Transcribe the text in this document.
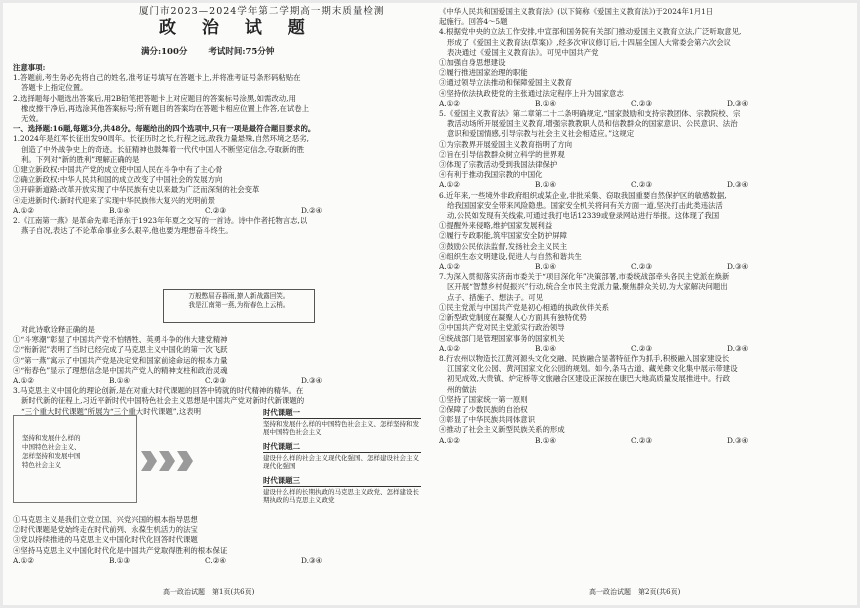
厦门市2023—2024学年第二学期高一期末质量检测
政 治 试 题
满分:100分 考试时间:75分钟
注意事项:
1.答题前,考生务必先将自己的姓名,准考证号填写在答题卡上,并将准考证号条形码粘贴在
答题卡上指定位置。
2.选择题每小题选出答案后,用2B铅笔把答题卡上对应题目的答案标号涂黑,如需改动,用
橡皮擦干净后,再选涂其他答案标号;所有题目的答案均在答题卡相应位置上作答,在试卷上
无效。
一、选择题:16题,每题3分,共48分。每题给出的四个选项中,只有一项是最符合题目要求的。
1.2024年是红军长征出发90周年。长征历时之长,行程之远,敌我力量悬殊,自然环境之恶劣,
创造了中外战争史上的奇迹。长征精神也鼓舞着一代代中国人不断坚定信念,夺取新的胜
利。下列对“新的胜利”理解正确的是
①建立新政权:中国共产党的成立使中国人民在斗争中有了主心骨
②确立新政权:中华人民共和国的成立改变了中国社会的发展方向
③开辟新道路:改革开放实现了中华民族有史以来最为广泛而深刻的社会变革
④走进新时代:新时代迎来了实现中华民族伟大复兴的光明前景
A.①②	B.①④	C.②③	D.②④
2.《江南第一燕》是革命先辈毛泽东于1923年年夏之交写的一首诗。诗中作者托物言志,以
燕子自况,表达了不论革命事业多么艰辛,他也要为理想奋斗终生。
万般憋屈吞暮雨,撩人新战露回笑。
我是江南第一燕,为衔春色上云梢。
对此诗歌诠释正确的是
①“斗寒潮”彰显了中国共产党不怕牺牲、英勇斗争的伟大建党精神
②“衔新泥”表明了当时已经完成了马克思主义中国化的第一次飞跃
③“第一燕”寓示了中国共产党是决定党和国家前途命运的根本力量
④“衔春色”显示了理想信念是中国共产党人的精神支柱和政治灵魂
A.①②	B.①④	C.②③	D.③④
3.马克思主义中国化的理论创新,是在对重大时代课题的回答中铸就的时代精神的精华。在
新时代新的征程上,习近平新时代中国特色社会主义思想是中国共产党对新时代新课题的
“三个重大时代课题”所展为“三个重大时代课题”,这表明
坚持和发展什么样的中国特色社会主义、怎样坚持和发展中国特色社会主义
时代课题一
坚持和发展什么样的中国特色社会主义、怎样坚持和发展中国特色社会主义
时代课题二
建设什么样的社会主义现代化强国、怎样建设社会主义现代化强国
时代课题三
建设什么样的长期执政的马克思主义政党、怎样建设长期执政的马克思主义政党
①马克思主义是我们立党立国、兴党兴国的根本指导思想
②时代课题是党始终走在时代前列、永葆生机活力的法宝
③党以持续推进的马克思主义中国化时代化回答时代课题
④坚持马克思主义中国化时代化是中国共产党取得胜利的根本保证
A.①②	B.①③	C.②④	D.③④
高一政治试题　第1页(共6页)
《中华人民共和国爱国主义教育法》(以下简称《爱国主义教育法》)于2024年1月1日
起施行。回答4～5题
4.根据党中央的立法工作安排,中宣部和国务院有关部门推动爱国主义教育立法,广泛听取意见,
形成了《爱国主义教育法(草案)》,经多次审议修订后,十四届全国人大常委会第六次会议
表决通过《爱国主义教育法》。可见中国共产党
①加强自身思想建设
②履行推进国家治理的职能
③通过领导立法推动和保障爱国主义教育
④坚持依法执政使党的主张通过法定程序上升为国家意志
A.①②	B.①④	C.②③	D.③④
5.《爱国主义教育法》第二章第二十二条明确规定,“国家鼓励和支持宗教团体、宗教院校、宗
教活动场所开展爱国主义教育,增强宗教教职人员和信教群众的国家意识、公民意识、法治
意识和爱国情感,引导宗教与社会主义社会相适应。”这规定
①为宗教界开展爱国主义教育指明了方向
②旨在引导信教群众树立科学的世界观
③体现了宗教活动受到我国法律保护
④有利于推动我国宗教的中国化
A.①②	B.①④	C.②③	D.③④
6.近年来,一些境外非政府组织或某企业,非批采集、窃取我国重要自然保护区的敏感数据,
给我国国家安全带来风险隐患。国家安全机关将问有关方面一道,坚决打击此类违法活
动,公民如发现有关线索,可通过我打电话12339或登录网站进行举报。这体现了我国
①提醒外来侵略,维护国家发展利益
②履行专政职能,筑牢国家安全防护屏障
③鼓励公民依法监督,发扬社会主义民主
④组织生态文明建设,促进人与自然和谐共生
A.①②	B.①④	C.②③	D.③④
7.为深入贯彻落实济南市委关于“项目深化年”决策部署,市委统战部牵头各民主党派在焕新
区开展“智慧乡村促振兴”行动,统合全市民主党派力量,聚焦群众关切,为大家解决问题出
点子、措施子、想法子。可见
①民主党派与中国共产党是初心相通的执政伙伴关系
②新型政党制度在凝聚人心方面具有独特优势
③中国共产党对民主党派实行政治领导
④统战部门是管理国家事务的国家机关
A.①②	B.①④	C.②③	D.③④
8.行农州以物造长江黄河源头文化交融、民族融合显著特征作为抓手,积极融入国家建设长
江国家文化公园、黄河国家文化公园的规划。如今,条马古道、藏羌彝文化集中展示带建设
初见成效,大贵镇、炉定桥等文旅融合区建设正深按在康巴大地高质量发展推进中。行政
州的做法
①坚持了国家统一第一原则
②保障了少数民族的自治权
③彰显了中华民族共同体意识
④推动了社会主义新型民族关系的形成
A.①②	B.①④	C.②③	D.③④
高一政治试题　第2页(共6页)
